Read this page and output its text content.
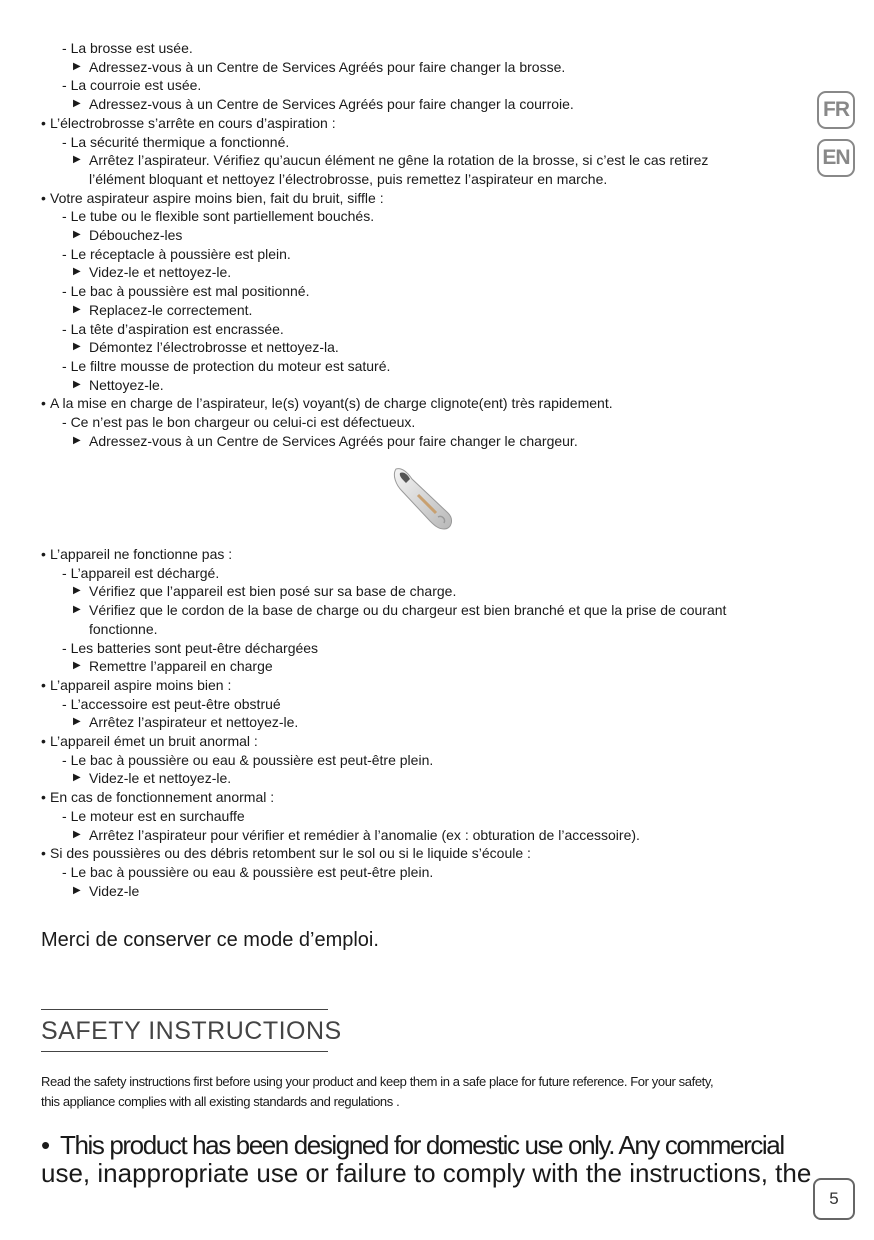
FR
EN
- La brosse est usée.
▶ Adressez-vous à un Centre de Services Agréés pour faire changer la brosse.
- La courroie est usée.
▶ Adressez-vous à un Centre de Services Agréés pour faire changer la courroie.
• L’électrobrosse s’arrête en cours d’aspiration :
- La sécurité thermique a fonctionné.
▶ Arrêtez l’aspirateur. Vérifiez qu’aucun élément ne gêne la rotation de la brosse, si c’est le cas retirez
l’élément bloquant et nettoyez l’électrobrosse, puis remettez l’aspirateur en marche.
• Votre aspirateur aspire moins bien, fait du bruit, siffle :
- Le tube ou le flexible sont partiellement bouchés.
▶ Débouchez-les
- Le réceptacle à poussière est plein.
▶ Videz-le et nettoyez-le.
- Le bac à poussière est mal positionné.
▶ Replacez-le correctement.
- La tête d’aspiration est encrassée.
▶ Démontez l’électrobrosse et nettoyez-la.
- Le filtre mousse de protection du moteur est saturé.
▶ Nettoyez-le.
• A la mise en charge de l’aspirateur, le(s) voyant(s) de charge clignote(ent) très rapidement.
- Ce n’est pas le bon chargeur ou celui-ci est défectueux.
▶ Adressez-vous à un Centre de Services Agréés pour faire changer le chargeur.
• L’appareil ne fonctionne pas :
- L’appareil est déchargé.
▶ Vérifiez que l’appareil est bien posé sur sa base de charge.
▶ Vérifiez que le cordon de la base de charge ou du chargeur est bien branché et que la prise de courant
fonctionne.
- Les batteries sont peut-être déchargées
▶ Remettre l’appareil en charge
• L’appareil aspire moins bien :
- L’accessoire est peut-être obstrué
▶ Arrêtez l’aspirateur et nettoyez-le.
• L’appareil émet un bruit anormal :
- Le bac à poussière ou eau & poussière est peut-être plein.
▶ Videz-le et nettoyez-le.
• En cas de fonctionnement anormal :
- Le moteur est en surchauffe
▶ Arrêtez l’aspirateur pour vérifier et remédier à l’anomalie (ex : obturation de l’accessoire).
• Si des poussières ou des débris retombent sur le sol ou si le liquide s’écoule :
- Le bac à poussière ou eau & poussière est peut-être plein.
▶ Videz-le
Merci de conserver ce mode d’emploi.
SAFETY INSTRUCTIONS
Read the safety instructions first before using your product and keep them in a safe place for future reference. For your safety,
this appliance complies with all existing standards and regulations .
• This product has been designed for domestic use only. Any commercial
use, inappropriate use or failure to comply with the instructions, the
5
